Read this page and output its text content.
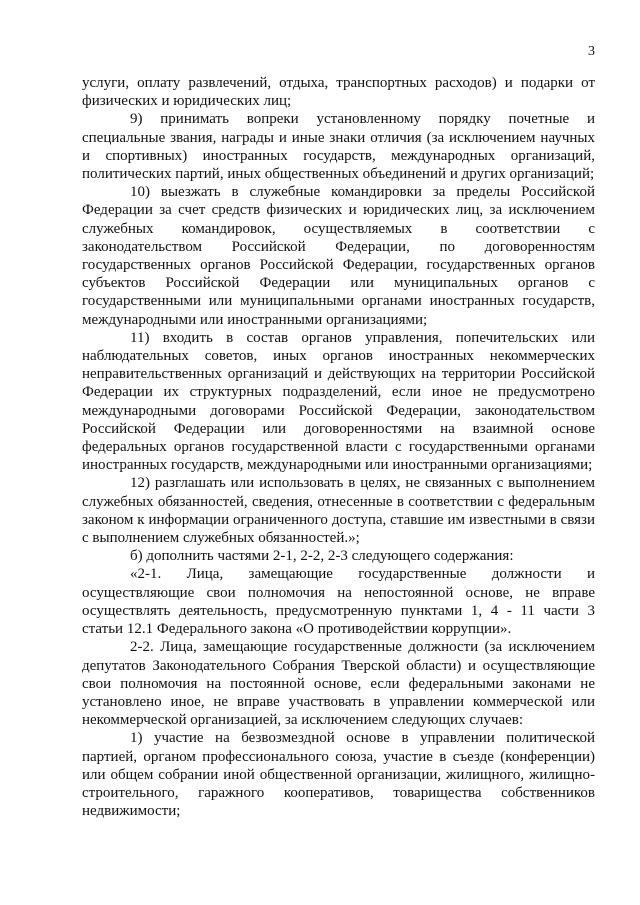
3

услуги, оплату развлечений, отдыха, транспортных расходов) и подарки от физических и юридических лиц;

9) принимать вопреки установленному порядку почетные и специальные звания, награды и иные знаки отличия (за исключением научных и спортивных) иностранных государств, международных организаций, политических партий, иных общественных объединений и других организаций;

10) выезжать в служебные командировки за пределы Российской Федерации за счет средств физических и юридических лиц, за исключением служебных командировок, осуществляемых в соответствии с законодательством Российской Федерации, по договоренностям государственных органов Российской Федерации, государственных органов субъектов Российской Федерации или муниципальных органов с государственными или муниципальными органами иностранных государств, международными или иностранными организациями;

11) входить в состав органов управления, попечительских или наблюдательных советов, иных органов иностранных некоммерческих неправительственных организаций и действующих на территории Российской Федерации их структурных подразделений, если иное не предусмотрено международными договорами Российской Федерации, законодательством Российской Федерации или договоренностями на взаимной основе федеральных органов государственной власти с государственными органами иностранных государств, международными или иностранными организациями;

12) разглашать или использовать в целях, не связанных с выполнением служебных обязанностей, сведения, отнесенные в соответствии с федеральным законом к информации ограниченного доступа, ставшие им известными в связи с выполнением служебных обязанностей.»;

б) дополнить частями 2-1, 2-2, 2-3 следующего содержания:

«2-1. Лица, замещающие государственные должности и осуществляющие свои полномочия на непостоянной основе, не вправе осуществлять деятельность, предусмотренную пунктами 1, 4 - 11 части 3 статьи 12.1 Федерального закона «О противодействии коррупции».

2-2. Лица, замещающие государственные должности (за исключением депутатов Законодательного Собрания Тверской области) и осуществляющие свои полномочия на постоянной основе, если федеральными законами не установлено иное, не вправе участвовать в управлении коммерческой или некоммерческой организацией, за исключением следующих случаев:

1) участие на безвозмездной основе в управлении политической партией, органом профессионального союза, участие в съезде (конференции) или общем собрании иной общественной организации, жилищного, жилищно-строительного, гаражного кооперативов, товарищества собственников недвижимости;
